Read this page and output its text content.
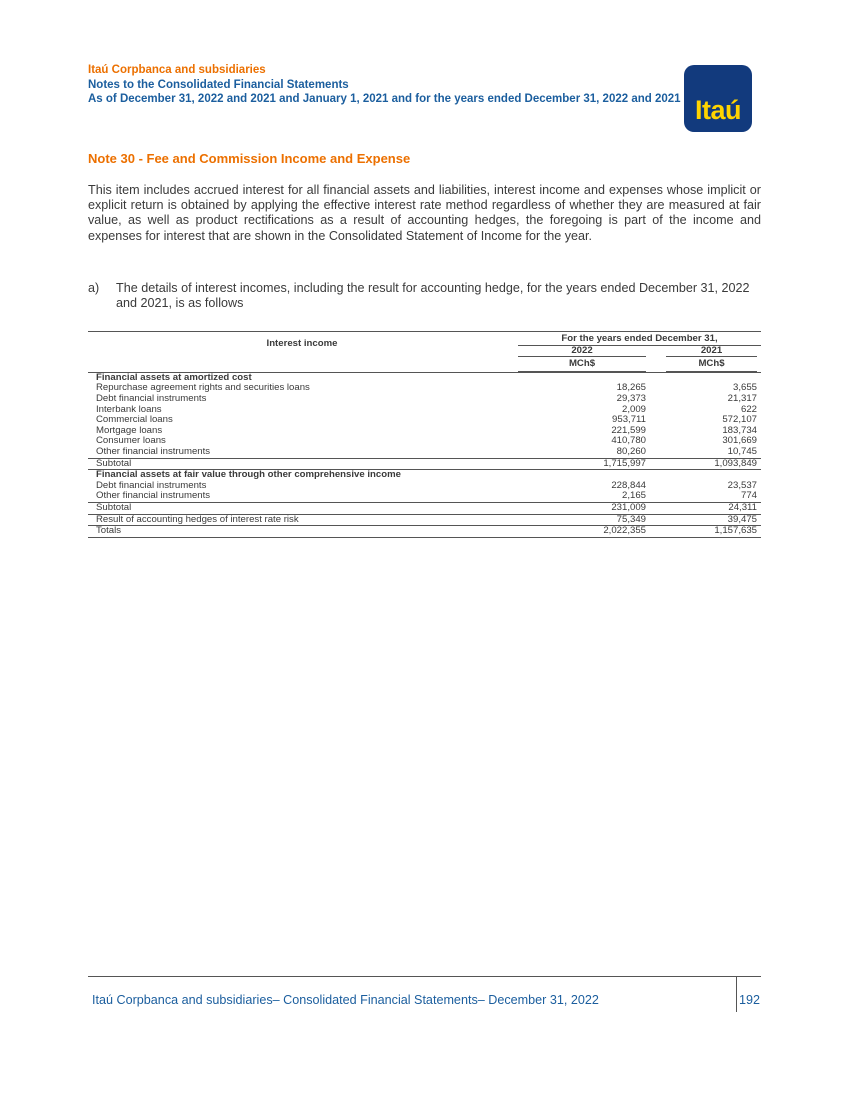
Itaú Corpbanca and subsidiaries
Notes to the Consolidated Financial Statements
As of December 31, 2022 and 2021 and January 1, 2021 and for the years ended December 31, 2022 and 2021 Itaú
Note 30 - Fee and Commission Income and Expense

This item includes accrued interest for all financial assets and liabilities, interest income and expenses whose implicit or explicit return is obtained by applying the effective interest rate method regardless of whether they are measured at fair value, as well as product rectifications as a result of accounting hedges, the foregoing is part of the income and expenses for interest that are shown in the Consolidated Statement of Income for the year.

a) The details of interest incomes, including the result for accounting hedge, for the years ended December 31, 2022 and 2021, is as follows
Interest income	For the years ended December 31,	

	2022	2021

	MCh$	MCh$

Financial assets at amortized cost		
Repurchase agreement rights and securities loans	18,265	3,655
Debt financial instruments	29,373	21,317
Interbank loans	2,009	622
Commercial loans	953,711	572,107
Mortgage loans	221,599	183,734
Consumer loans	410,780	301,669
Other financial instruments	80,260	10,745
Subtotal	1,715,997	1,093,849
Financial assets at fair value through other comprehensive income		
Debt financial instruments	228,844	23,537
Other financial instruments	2,165	774
Subtotal	231,009	24,311
Result of accounting hedges of interest rate risk	75,349	39,475
Totals	2,022,355	1,157,635
Itaú Corpbanca and subsidiaries– Consolidated Financial Statements– December 31, 2022	192
